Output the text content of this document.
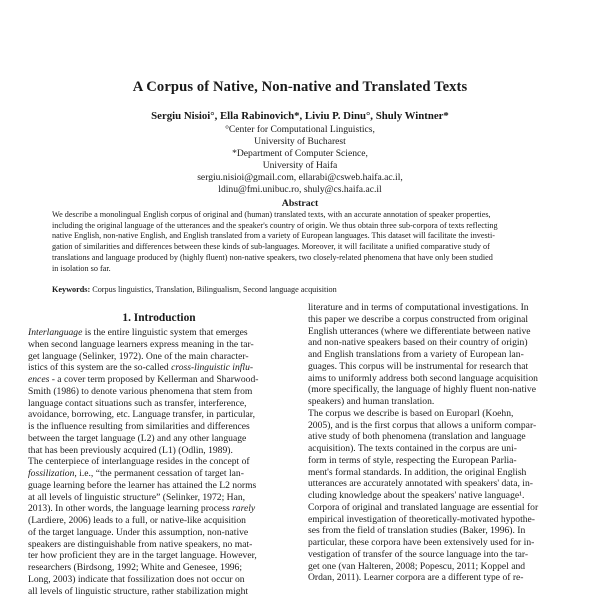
A Corpus of Native, Non-native and Translated Texts
Sergiu Nisioi°, Ella Rabinovich*, Liviu P. Dinu°, Shuly Wintner*
°Center for Computational Linguistics,
University of Bucharest
*Department of Computer Science,
University of Haifa
sergiu.nisioi@gmail.com, ellarabi@csweb.haifa.ac.il,
ldinu@fmi.unibuc.ro, shuly@cs.haifa.ac.il
Abstract
We describe a monolingual English corpus of original and (human) translated texts, with an accurate annotation of speaker properties,
including the original language of the utterances and the speaker's country of origin. We thus obtain three sub-corpora of texts reflecting
native English, non-native English, and English translated from a variety of European languages. This dataset will facilitate the investi-
gation of similarities and differences between these kinds of sub-languages. Moreover, it will facilitate a unified comparative study of
translations and language produced by (highly fluent) non-native speakers, two closely-related phenomena that have only been studied
in isolation so far.
Keywords: Corpus linguistics, Translation, Bilingualism, Second language acquisition
1. Introduction
Interlanguage is the entire linguistic system that emerges
when second language learners express meaning in the tar-
get language (Selinker, 1972). One of the main character-
istics of this system are the so-called cross-linguistic influ-
ences - a cover term proposed by Kellerman and Sharwood-
Smith (1986) to denote various phenomena that stem from
language contact situations such as transfer, interference,
avoidance, borrowing, etc. Language transfer, in particular,
is the influence resulting from similarities and differences
between the target language (L2) and any other language
that has been previously acquired (L1) (Odlin, 1989).
The centerpiece of interlanguage resides in the concept of
fossilization, i.e., “the permanent cessation of target lan-
guage learning before the learner has attained the L2 norms
at all levels of linguistic structure” (Selinker, 1972; Han,
2013). In other words, the language learning process rarely
(Lardiere, 2006) leads to a full, or native-like acquisition
of the target language. Under this assumption, non-native
speakers are distinguishable from native speakers, no mat-
ter how proficient they are in the target language. However,
researchers (Birdsong, 1992; White and Genesee, 1996;
Long, 2003) indicate that fossilization does not occur on
all levels of linguistic structure, rather stabilization might
literature and in terms of computational investigations. In
this paper we describe a corpus constructed from original
English utterances (where we differentiate between native
and non-native speakers based on their country of origin)
and English translations from a variety of European lan-
guages. This corpus will be instrumental for research that
aims to uniformly address both second language acquisition
(more specifically, the language of highly fluent non-native
speakers) and human translation.
The corpus we describe is based on Europarl (Koehn,
2005), and is the first corpus that allows a uniform compar-
ative study of both phenomena (translation and language
acquisition). The texts contained in the corpus are uni-
form in terms of style, respecting the European Parlia-
ment's formal standards. In addition, the original English
utterances are accurately annotated with speakers' data, in-
cluding knowledge about the speakers' native language¹.
Corpora of original and translated language are essential for
empirical investigation of theoretically-motivated hypothe-
ses from the field of translation studies (Baker, 1996). In
particular, these corpora have been extensively used for in-
vestigation of transfer of the source language into the tar-
get one (van Halteren, 2008; Popescu, 2011; Koppel and
Ordan, 2011). Learner corpora are a different type of re-
